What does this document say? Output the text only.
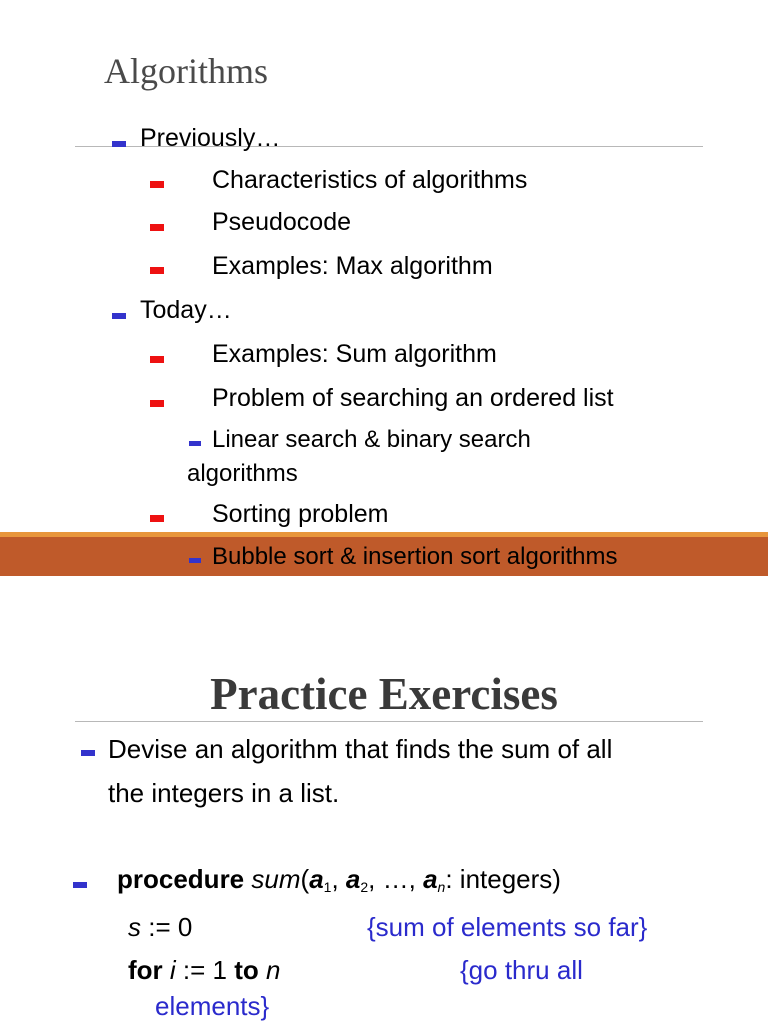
Algorithms
Previously…
Characteristics of algorithms
Pseudocode
Examples: Max algorithm
Today…
Examples: Sum algorithm
Problem of searching an ordered list
Linear search & binary search
algorithms
Sorting problem
Bubble sort & insertion sort algorithms
Practice Exercises
Devise an algorithm that finds the sum of all
the integers in a list.
procedure $sum(a_1$, $a_2$, …, $a_n$: integers)
s := 0	{sum of elements so far}
for i := 1 to n	{go thru all
elements}
